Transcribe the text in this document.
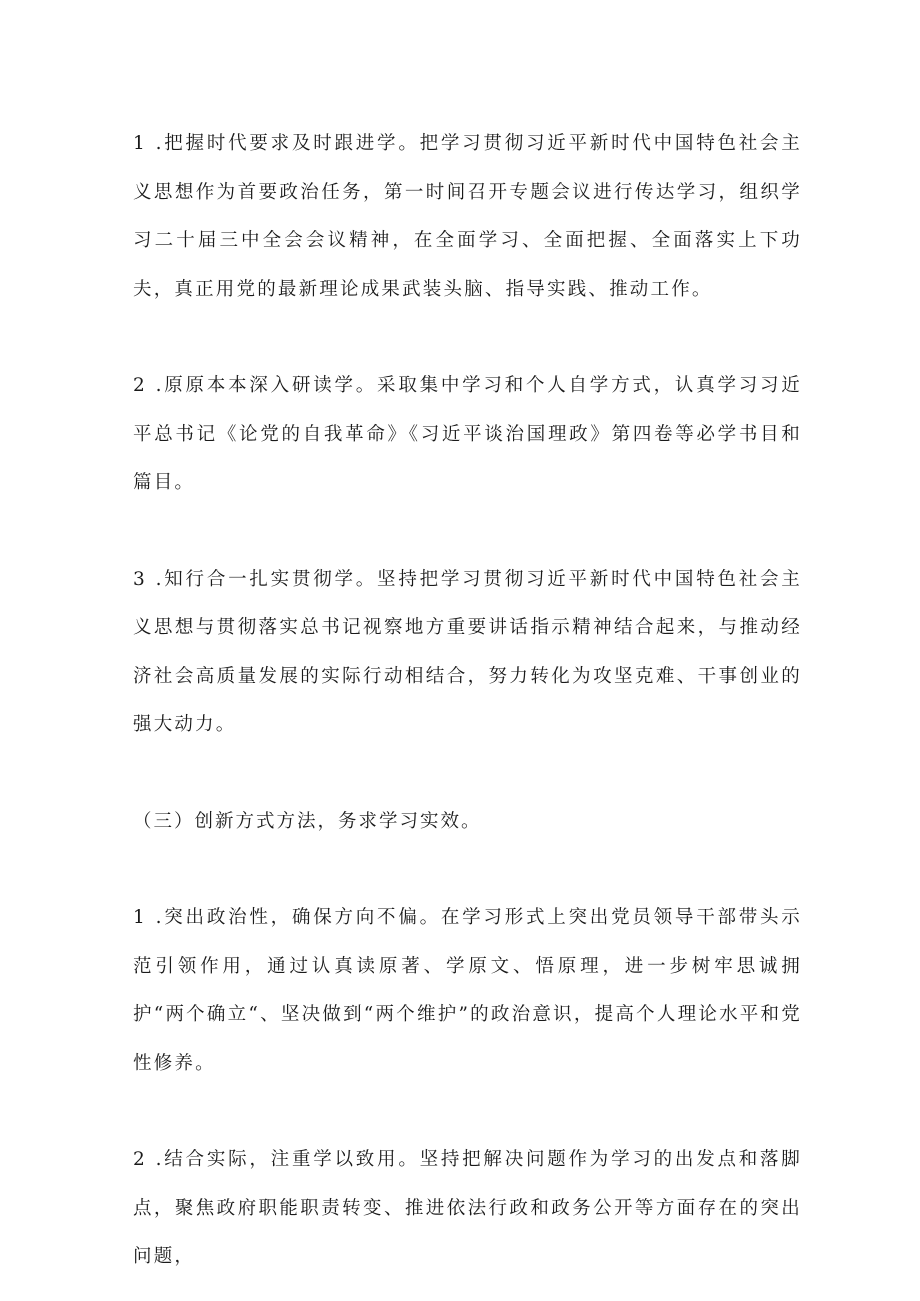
1 .把握时代要求及时跟进学。把学习贯彻习近平新时代中国特色社会主义思想作为首要政治任务，第一时间召开专题会议进行传达学习，组织学习二十届三中全会会议精神，在全面学习、全面把握、全面落实上下功夫，真正用党的最新理论成果武装头脑、指导实践、推动工作。

2 .原原本本深入研读学。采取集中学习和个人自学方式，认真学习习近平总书记《论党的自我革命》《习近平谈治国理政》第四卷等必学书目和篇目。

3 .知行合一扎实贯彻学。坚持把学习贯彻习近平新时代中国特色社会主义思想与贯彻落实总书记视察地方重要讲话指示精神结合起来，与推动经济社会高质量发展的实际行动相结合，努力转化为攻坚克难、干事创业的强大动力。

（三）创新方式方法，务求学习实效。

1 .突出政治性，确保方向不偏。在学习形式上突出党员领导干部带头示范引领作用，通过认真读原著、学原文、悟原理，进一步树牢思诚拥护“两个确立“、坚决做到“两个维护”的政治意识，提高个人理论水平和党性修养。

2 .结合实际，注重学以致用。坚持把解决问题作为学习的出发点和落脚点，聚焦政府职能职责转变、推进依法行政和政务公开等方面存在的突出问题，
